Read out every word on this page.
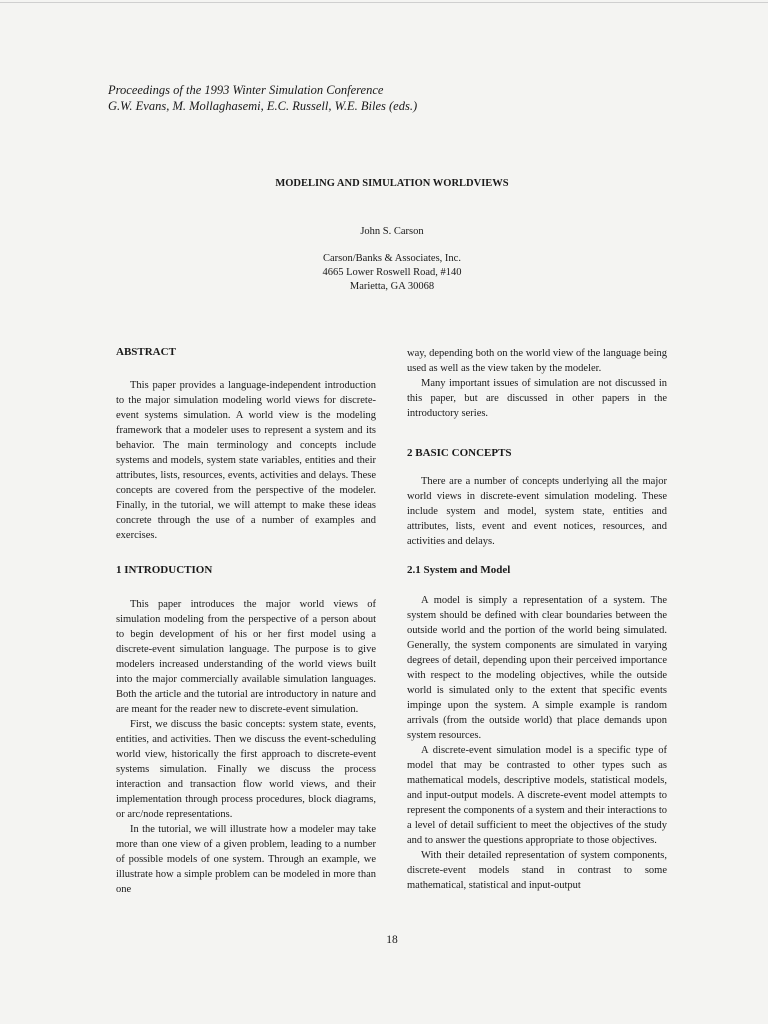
Proceedings of the 1993 Winter Simulation Conference
G.W. Evans, M. Mollaghasemi, E.C. Russell, W.E. Biles (eds.)
MODELING AND SIMULATION WORLDVIEWS
John S. Carson
Carson/Banks & Associates, Inc.
4665 Lower Roswell Road, #140
Marietta, GA 30068
ABSTRACT
This paper provides a language-independent introduction to the major simulation modeling world views for discrete-event systems simulation. A world view is the modeling framework that a modeler uses to represent a system and its behavior. The main terminology and concepts include systems and models, system state variables, entities and their attributes, lists, resources, events, activities and delays. These concepts are covered from the perspective of the modeler. Finally, in the tutorial, we will attempt to make these ideas concrete through the use of a number of examples and exercises.
1 INTRODUCTION
This paper introduces the major world views of simulation modeling from the perspective of a person about to begin development of his or her first model using a discrete-event simulation language. The purpose is to give modelers increased understanding of the world views built into the major commercially available simulation languages. Both the article and the tutorial are introductory in nature and are meant for the reader new to discrete-event simulation.
First, we discuss the basic concepts: system state, events, entities, and activities. Then we discuss the event-scheduling world view, historically the first approach to discrete-event systems simulation. Finally we discuss the process interaction and transaction flow world views, and their implementation through process procedures, block diagrams, or arc/node representations.
In the tutorial, we will illustrate how a modeler may take more than one view of a given problem, leading to a number of possible models of one system. Through an example, we illustrate how a simple problem can be modeled in more than one
way, depending both on the world view of the language being used as well as the view taken by the modeler.
Many important issues of simulation are not discussed in this paper, but are discussed in other papers in the introductory series.
2 BASIC CONCEPTS
There are a number of concepts underlying all the major world views in discrete-event simulation modeling. These include system and model, system state, entities and attributes, lists, event and event notices, resources, and activities and delays.
2.1 System and Model
A model is simply a representation of a system. The system should be defined with clear boundaries between the outside world and the portion of the world being simulated. Generally, the system components are simulated in varying degrees of detail, depending upon their perceived importance with respect to the modeling objectives, while the outside world is simulated only to the extent that specific events impinge upon the system. A simple example is random arrivals (from the outside world) that place demands upon system resources.
A discrete-event simulation model is a specific type of model that may be contrasted to other types such as mathematical models, descriptive models, statistical models, and input-output models. A discrete-event model attempts to represent the components of a system and their interactions to a level of detail sufficient to meet the objectives of the study and to answer the questions appropriate to those objectives.
With their detailed representation of system components, discrete-event models stand in contrast to some mathematical, statistical and input-output
18
